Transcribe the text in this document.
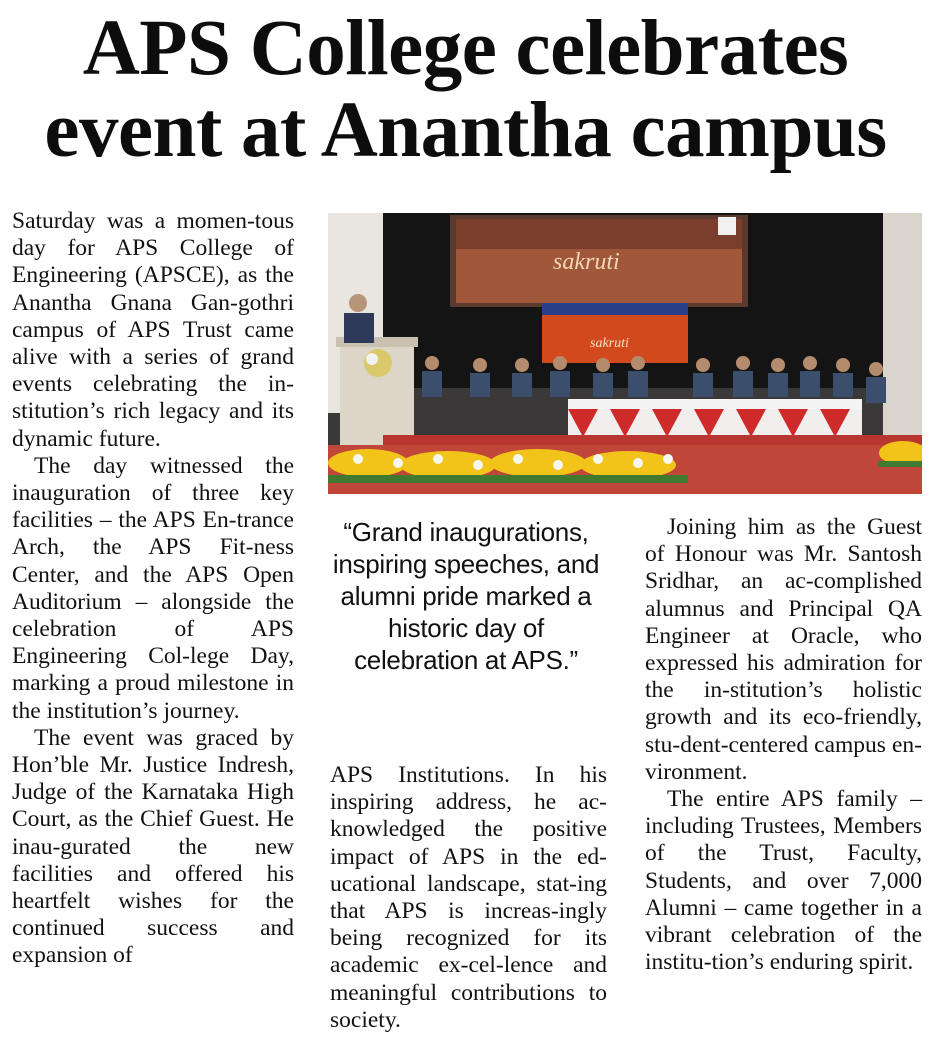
APS College celebrates
event at Anantha campus

Saturday was a momen-tous day for APS College of Engineering (APSCE), as the Anantha Gnana Gan-gothri campus of APS Trust came alive with a series of grand events celebrating the in-stitution’s rich legacy and its dynamic future.

The day witnessed the inauguration of three key facilities – the APS En-trance Arch, the APS Fit-ness Center, and the APS Open Auditorium – alongside the celebration of APS Engineering Col-lege Day, marking a proud milestone in the institution’s journey.

The event was graced by Hon’ble Mr. Justice Indresh, Judge of the Karnataka High Court, as the Chief Guest. He inau-gurated the new facilities and offered his heartfelt wishes for the continued success and expansion of

sakruti
sakruti
“Grand inaugurations, inspiring speeches, and alumni pride marked a historic day of celebration at APS.”

APS Institutions. In his inspiring address, he ac-knowledged the positive impact of APS in the ed-ucational landscape, stat-ing that APS is increas-ingly being recognized for its academic ex-cel-lence and meaningful contributions to society.

Joining him as the Guest of Honour was Mr. Santosh Sridhar, an ac-complished alumnus and Principal QA Engineer at Oracle, who expressed his admiration for the in-stitution’s holistic growth and its eco-friendly, stu-dent-centered campus en-vironment.

The entire APS family – including Trustees, Members of the Trust, Faculty, Students, and over 7,000 Alumni – came together in a vibrant celebration of the institu-tion’s enduring spirit.
